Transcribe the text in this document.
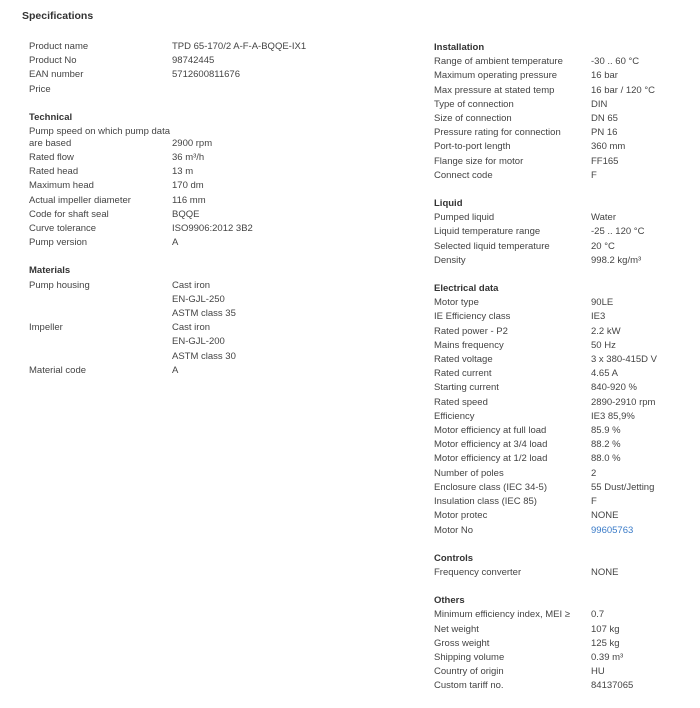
Specifications
Product name	TPD 65-170/2 A-F-A-BQQE-IX1
Product No	98742445
EAN number	5712600811676
Price

Technical
Pump speed on which pump data are based	2900 rpm
Rated flow	36 m³/h
Rated head	13 m
Maximum head	170 dm
Actual impeller diameter	116 mm
Code for shaft seal	BQQE
Curve tolerance	ISO9906:2012 3B2
Pump version	A
Materials
Pump housing	Cast iron
EN-GJL-250
ASTM class 35
Impeller	Cast iron
EN-GJL-200
ASTM class 30
Material code	A
Installation
Range of ambient temperature	-30 .. 60 °C
Maximum operating pressure	16 bar
Max pressure at stated temp	16 bar / 120 °C
Type of connection	DIN
Size of connection	DN 65
Pressure rating for connection	PN 16
Port-to-port length	360 mm
Flange size for motor	FF165
Connect code	F
Liquid
Pumped liquid	Water
Liquid temperature range	-25 .. 120 °C
Selected liquid temperature	20 °C
Density	998.2 kg/m³
Electrical data
Motor type	90LE
IE Efficiency class	IE3
Rated power - P2	2.2 kW
Mains frequency	50 Hz
Rated voltage	3 x 380-415D V
Rated current	4.65 A
Starting current	840-920 %
Rated speed	2890-2910 rpm
Efficiency	IE3 85,9%
Motor efficiency at full load	85.9 %
Motor efficiency at 3/4 load	88.2 %
Motor efficiency at 1/2 load	88.0 %
Number of poles	2
Enclosure class (IEC 34-5)	55 Dust/Jetting
Insulation class (IEC 85)	F
Motor protec	NONE
Motor No	99605763
Controls
Frequency converter	NONE
Others
Minimum efficiency index, MEI ≥	0.7
Net weight	107 kg
Gross weight	125 kg
Shipping volume	0.39 m³
Country of origin	HU
Custom tariff no.	84137065
